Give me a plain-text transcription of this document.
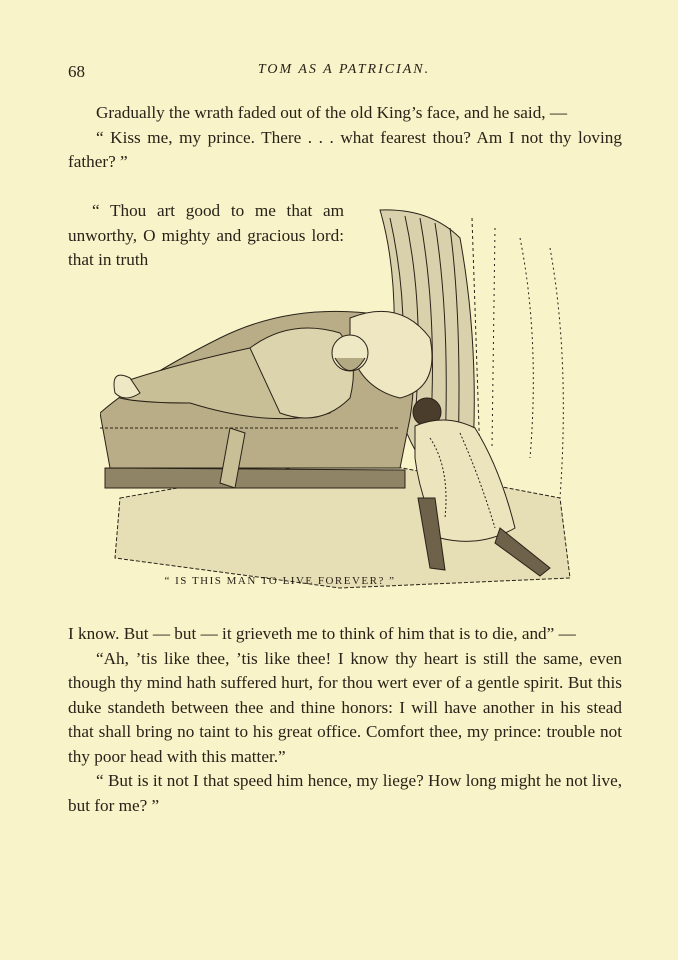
68	TOM AS A PATRICIAN.

Gradually the wrath faded out of the old King’s face, and he said, —

“ Kiss me, my prince. There . . . what fearest thou? Am I not thy loving father? ”

“ Thou art good to me that am unworthy, O mighty and gracious lord: that in truth

“ IS THIS MAN TO LIVE FOREVER? ”

I know. But — but — it grieveth me to think of him that is to die, and” —

“Ah, ’tis like thee, ’tis like thee! I know thy heart is still the same, even though thy mind hath suffered hurt, for thou wert ever of a gentle spirit. But this duke standeth between thee and thine honors: I will have another in his stead that shall bring no taint to his great office. Comfort thee, my prince: trouble not thy poor head with this matter.”

“ But is it not I that speed him hence, my liege? How long might he not live, but for me? ”
